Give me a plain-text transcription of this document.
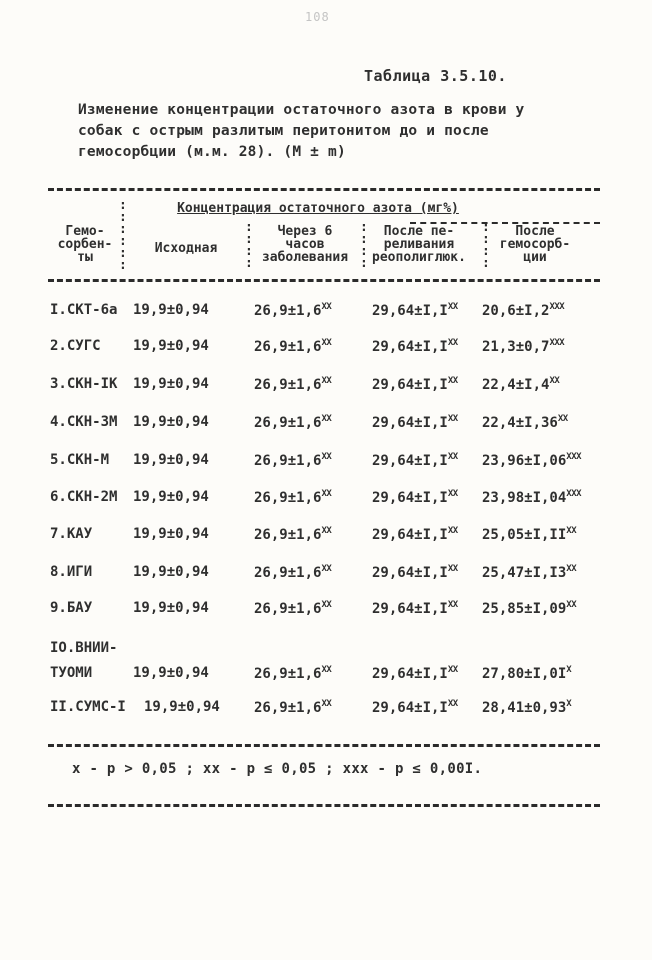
108
Таблица 3.5.10.
Изменение концентрации остаточного азота в крови у
собак с острым разлитым перитонитом до и после
гемосорбции (м.м. 28). (M ± m)
Гемо-
сорбен-
ты
:
:
:
:
:
:
Концентрация остаточного азота (мг%)
Исходная
:
:
:
:
Через 6
часов
заболевания
:
:
:
:
После пе-
реливания
реополиглюк.
:
:
:
:
После
гемосорб-
ции
I.СКТ-6а 19,9±0,94	$26,9\pm 1,6^{XX}$	$29,64\pm I,I^{XX}$ $20,6\pm I,2^{XXX}$
2.СУГС 19,9±0,94	$26,9\pm 1,6^{XX}$	$29,64\pm I,I^{XX}$ $21,3\pm 0,7^{XXX}$
3.СКН-IК 19,9±0,94	$26,9\pm 1,6^{XX}$	$29,64\pm I,I^{XX}$ $22,4\pm I,4^{XX}$
4.СКН-3М 19,9±0,94	$26,9\pm 1,6^{XX}$	$29,64\pm I,I^{XX}$ $22,4\pm I,36^{XX}$
5.СКН-М 19,9±0,94	$26,9\pm 1,6^{XX}$	$29,64\pm I,I^{XX}$ $23,96\pm I,06^{XXX}$
6.СКН-2М 19,9±0,94	$26,9\pm 1,6^{XX}$	$29,64\pm I,I^{XX}$ $23,98\pm I,04^{XXX}$
7.КАУ	19,9±0,94	$26,9\pm 1,6^{XX}$	$29,64\pm I,I^{XX}$ $25,05\pm I,II^{XX}$
8.ИГИ	19,9±0,94	$26,9\pm 1,6^{XX}$	$29,64\pm I,I^{XX}$ $25,47\pm I,I3^{XX}$
9.БАУ	19,9±0,94	$26,9\pm 1,6^{XX}$	$29,64\pm I,I^{XX}$ $25,85\pm I,09^{XX}$
IO.ВНИИ-
ТУОМИ	19,9±0,94	$26,9\pm 1,6^{XX}$	$29,64\pm I,I^{XX}$ $27,80\pm I,0I^X$
II.СУМС-I 19,9±0,94 $26,9\pm 1,6^{XX}$	$29,64\pm I,I^{XX}$ $28,41\pm 0,93^X$
x - p > 0,05 ; xx - p ≤ 0,05 ; xxx - p ≤ 0,00I.
